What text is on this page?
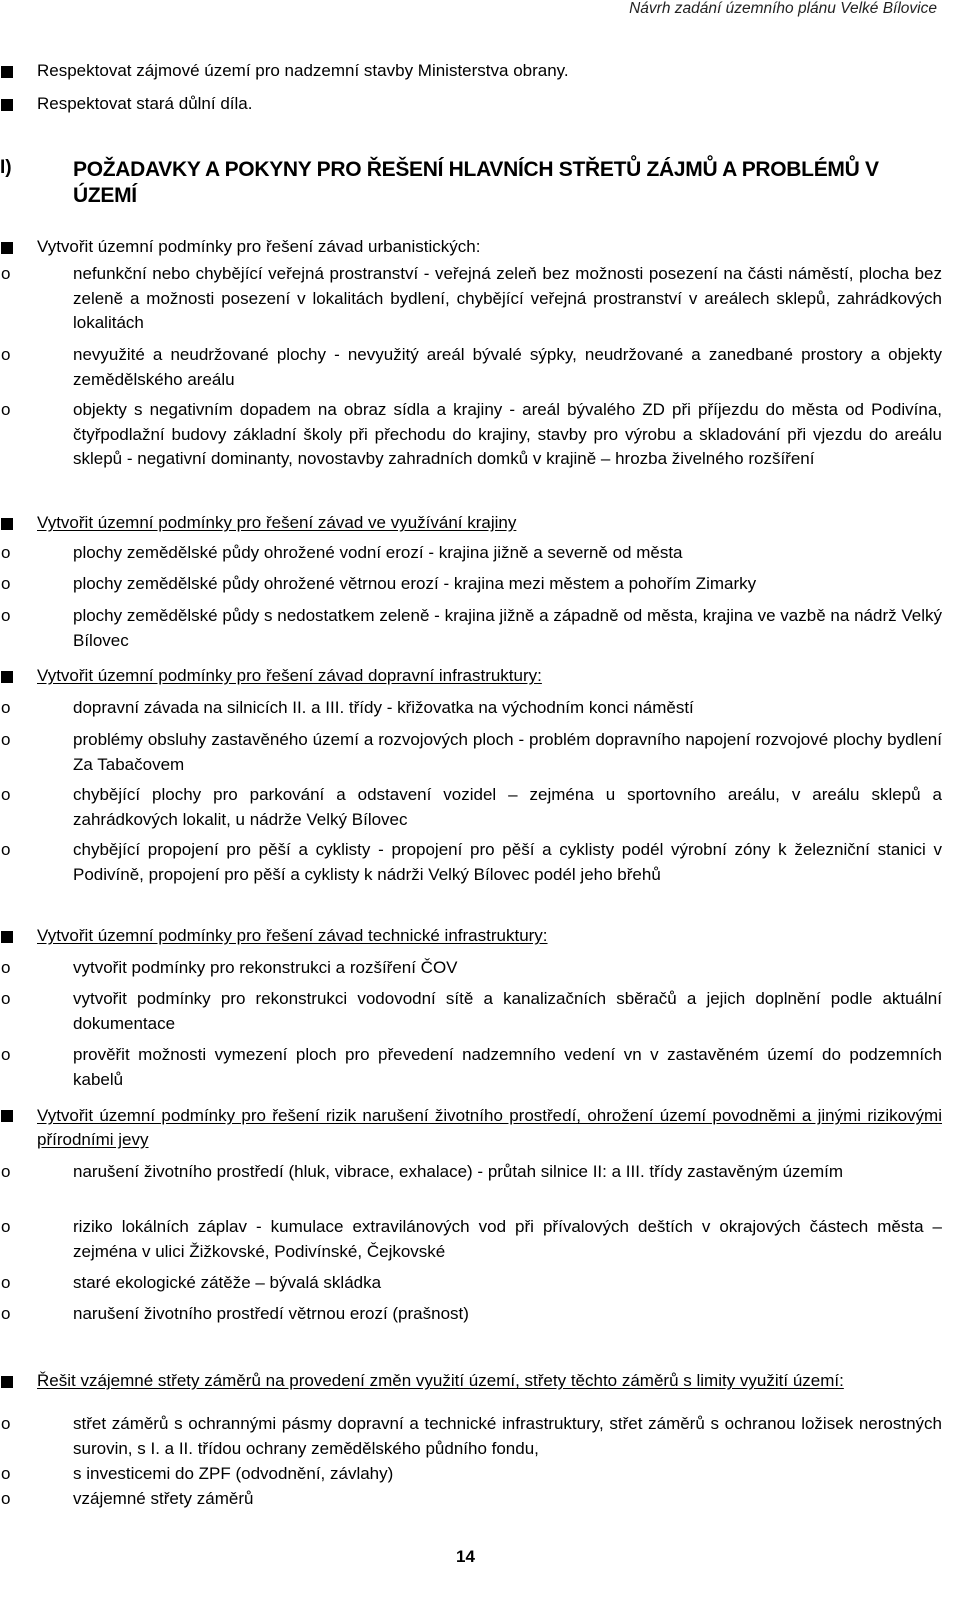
Návrh zadání územního plánu Velké Bílovice
Respektovat zájmové území pro nadzemní stavby Ministerstva obrany.
Respektovat stará důlní díla.
I)	POŽADAVKY A POKYNY PRO ŘEŠENÍ HLAVNÍCH STŘETŮ ZÁJMŮ A PROBLÉMŮ V ÚZEMÍ
Vytvořit územní podmínky pro řešení závad urbanistických:
o	nefunkční nebo chybějící veřejná prostranství - veřejná zeleň bez možnosti posezení na části náměstí, plocha bez zeleně a možnosti posezení v lokalitách bydlení, chybějící veřejná prostranství v areálech sklepů, zahrádkových lokalitách
o	nevyužité a neudržované plochy - nevyužitý areál bývalé sýpky, neudržované a zanedbané prostory a objekty zemědělského areálu
o	objekty s negativním dopadem na obraz sídla a krajiny - areál bývalého ZD při příjezdu do města od Podivína, čtyřpodlažní budovy základní školy při přechodu do krajiny, stavby pro výrobu a skladování při vjezdu do areálu sklepů - negativní dominanty, novostavby zahradních domků v krajině – hrozba živelného rozšíření
Vytvořit územní podmínky pro řešení závad ve využívání krajiny
o	plochy zemědělské půdy ohrožené vodní erozí - krajina jižně a severně od města
o	plochy zemědělské půdy ohrožené větrnou erozí - krajina mezi městem a pohořím Zimarky
o	plochy zemědělské půdy s nedostatkem zeleně - krajina jižně a západně od města, krajina ve vazbě na nádrž Velký Bílovec
Vytvořit územní podmínky pro řešení závad dopravní infrastruktury:
o	dopravní závada na silnicích II. a III. třídy - křižovatka na východním konci náměstí
o	problémy obsluhy zastavěného území a rozvojových ploch - problém dopravního napojení rozvojové plochy bydlení Za Tabačovem
o	chybějící plochy pro parkování a odstavení vozidel – zejména u sportovního areálu, v areálu sklepů a zahrádkových lokalit, u nádrže Velký Bílovec
o	chybějící propojení pro pěší a cyklisty - propojení pro pěší a cyklisty podél výrobní zóny k železniční stanici v Podivíně, propojení pro pěší a cyklisty k nádrži Velký Bílovec podél jeho břehů
Vytvořit územní podmínky pro řešení závad technické infrastruktury:
o	vytvořit podmínky pro rekonstrukci a rozšíření ČOV
o	vytvořit podmínky pro rekonstrukci vodovodní sítě a kanalizačních sběračů a jejich doplnění podle aktuální dokumentace
o	prověřit možnosti vymezení ploch pro převedení nadzemního vedení vn v zastavěném území do podzemních kabelů
Vytvořit územní podmínky pro řešení rizik narušení životního prostředí, ohrožení území povodněmi a jinými rizikovými přírodními jevy
o	narušení životního prostředí (hluk, vibrace, exhalace) - průtah silnice II: a III. třídy zastavěným územím
o	riziko lokálních záplav - kumulace extravilánových vod při přívalových deštích v okrajových částech města – zejména v ulici Žižkovské, Podivínské, Čejkovské
o	staré ekologické zátěže – bývalá skládka
o	narušení životního prostředí větrnou erozí (prašnost)
Řešit vzájemné střety záměrů na provedení změn využití území, střety těchto záměrů s limity využití území:
o	střet záměrů s ochrannými pásmy dopravní a technické infrastruktury, střet záměrů s ochranou ložisek nerostných surovin, s I. a II. třídou ochrany zemědělského půdního fondu,
o	s investicemi do ZPF (odvodnění, závlahy)
o	vzájemné střety záměrů
14
